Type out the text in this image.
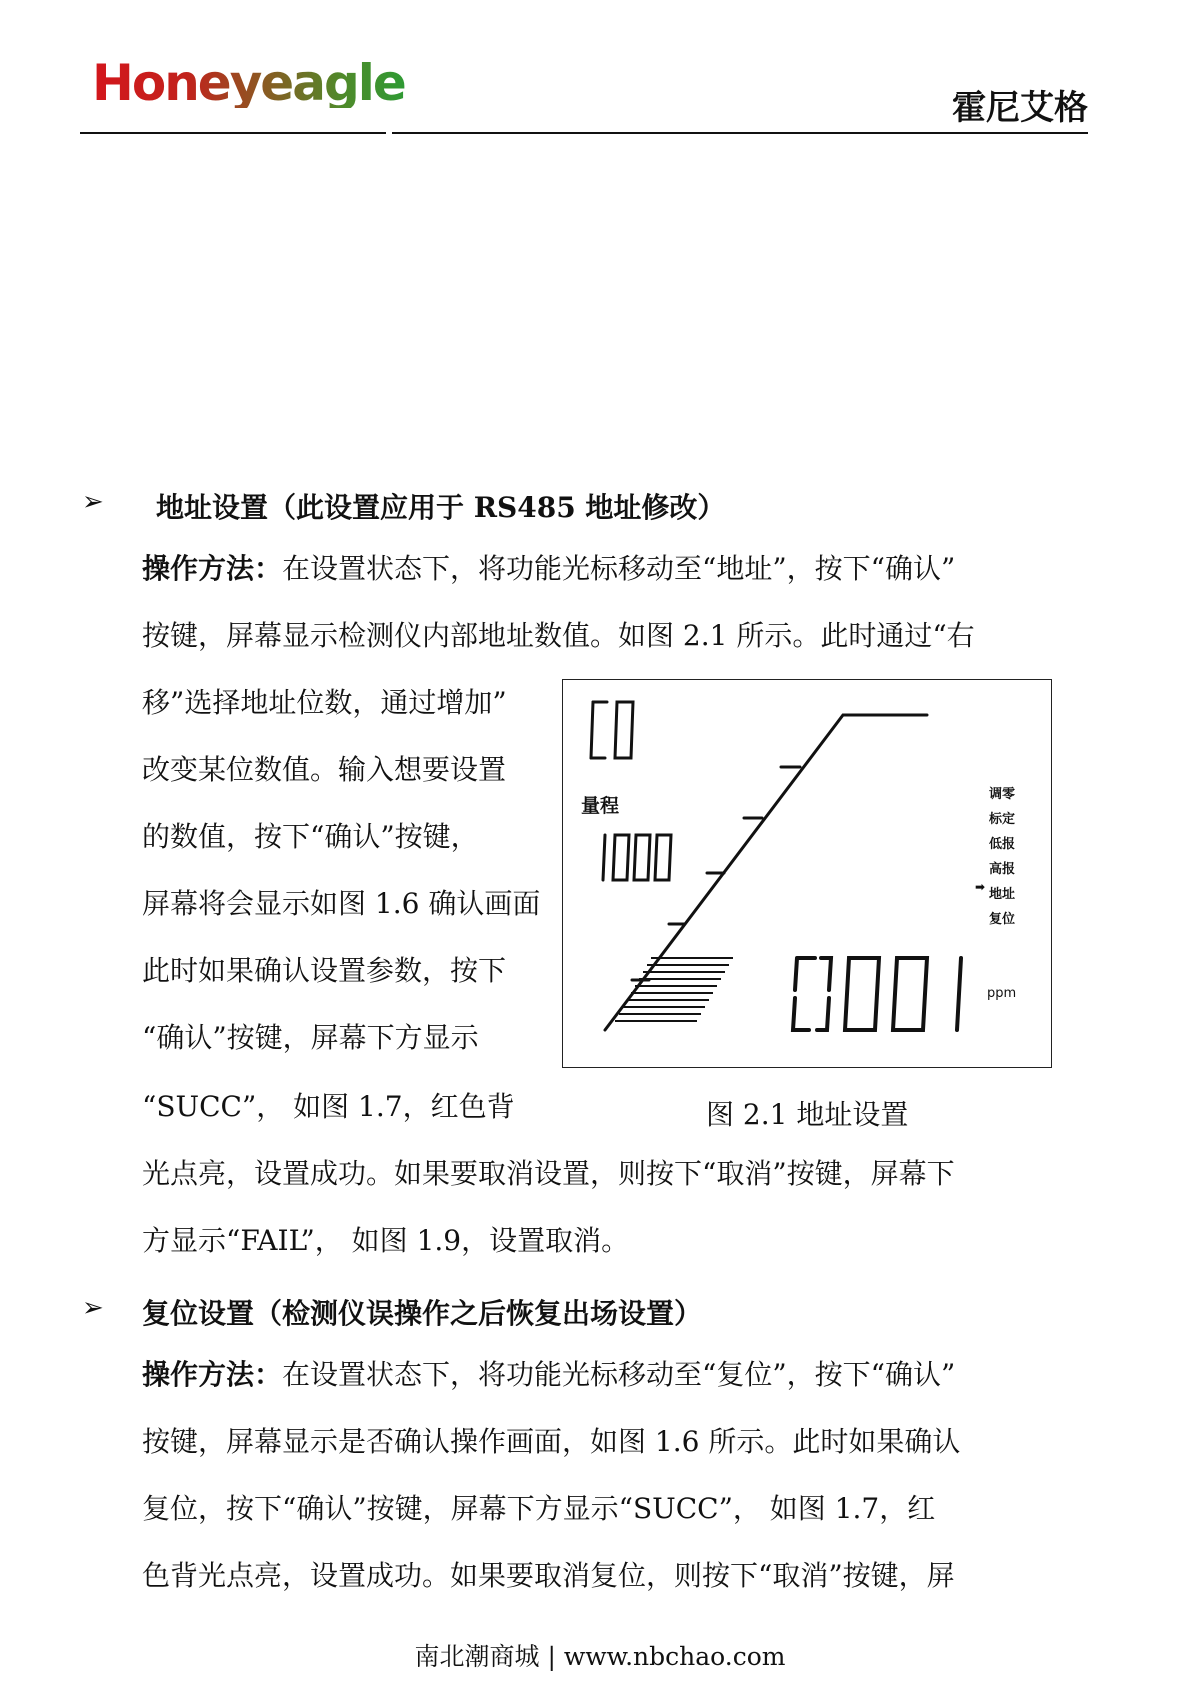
Honeyeagle	霍尼艾格
➢ 地址设置（此设置应用于 RS485 地址修改）
操作方法：在设置状态下，将功能光标移动至“地址”，按下“确认”
按键，屏幕显示检测仪内部地址数值。如图 2.1 所示。此时通过“右
移”选择地址位数，通过增加”
改变某位数值。输入想要设置
的数值，按下“确认”按键，
屏幕将会显示如图 1.6 确认画面
此时如果确认设置参数，按下
“确认”按键，屏幕下方显示
“SUCC”， 如图 1.7，红色背
光点亮，设置成功。如果要取消设置，则按下“取消”按键，屏幕下
方显示“FAIL”， 如图 1.9，设置取消。
量程
调零
标定
低报
高报
➡ 地址
复位
ppm
图 2.1 地址设置
➢ 复位设置（检测仪误操作之后恢复出场设置）
操作方法：在设置状态下，将功能光标移动至“复位”，按下“确认”
按键，屏幕显示是否确认操作画面，如图 1.6 所示。此时如果确认
复位，按下“确认”按键，屏幕下方显示“SUCC”， 如图 1.7，红
色背光点亮，设置成功。如果要取消复位，则按下“取消”按键，屏
南北潮商城 | www.nbchao.com
